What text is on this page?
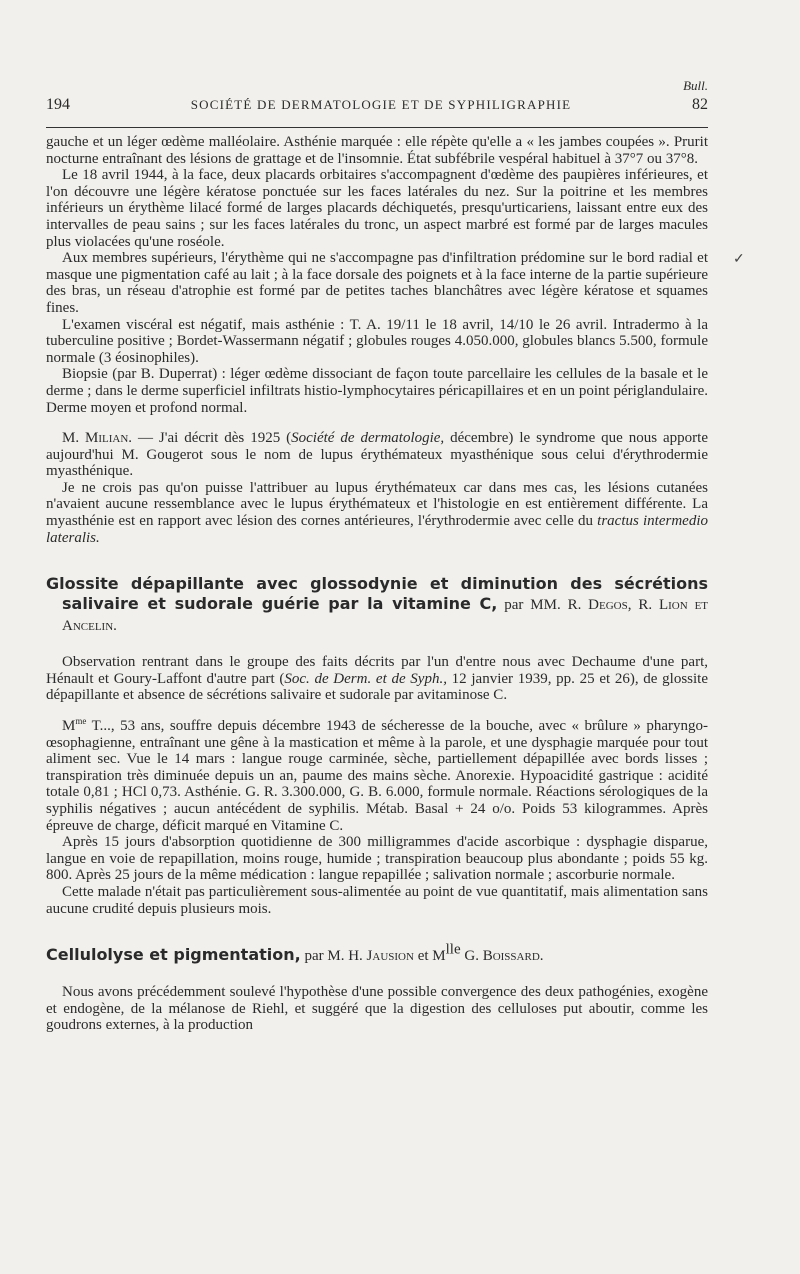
Bull.
194	SOCIÉTÉ DE DERMATOLOGIE ET DE SYPHILIGRAPHIE	82
✓

gauche et un léger œdème malléolaire. Asthénie marquée : elle répète qu'elle a « les jambes coupées ». Prurit nocturne entraînant des lésions de grattage et de l'insomnie. État subfébrile vespéral habituel à 37°7 ou 37°8.

Le 18 avril 1944, à la face, deux placards orbitaires s'accompagnent d'œdème des paupières inférieures, et l'on découvre une légère kératose ponctuée sur les faces latérales du nez. Sur la poitrine et les membres inférieurs un érythème lilacé formé de larges placards déchiquetés, presqu'urticariens, laissant entre eux des intervalles de peau sains ; sur les faces latérales du tronc, un aspect marbré est formé par de larges macules plus violacées qu'une roséole.

Aux membres supérieurs, l'érythème qui ne s'accompagne pas d'infiltration prédomine sur le bord radial et masque une pigmentation café au lait ; à la face dorsale des poignets et à la face interne de la partie supérieure des bras, un réseau d'atrophie est formé par de petites taches blanchâtres avec légère kératose et squames fines.

L'examen viscéral est négatif, mais asthénie : T. A. 19/11 le 18 avril, 14/10 le 26 avril. Intradermo à la tuberculine positive ; Bordet-Wassermann négatif ; globules rouges 4.050.000, globules blancs 5.500, formule normale (3 éosinophiles).

Biopsie (par B. Duperrat) : léger œdème dissociant de façon toute parcellaire les cellules de la basale et le derme ; dans le derme superficiel infiltrats histio-lymphocytaires péricapillaires et en un point périglandulaire. Derme moyen et profond normal.

M. Milian. — J'ai décrit dès 1925 (Société de dermatologie, décembre) le syndrome que nous apporte aujourd'hui M. Gougerot sous le nom de lupus érythémateux myasthénique sous celui d'érythrodermie myasthénique.

Je ne crois pas qu'on puisse l'attribuer au lupus érythémateux car dans mes cas, les lésions cutanées n'avaient aucune ressemblance avec le lupus érythémateux et l'histologie en est entièrement différente. La myasthénie est en rapport avec lésion des cornes antérieures, l'érythrodermie avec celle du tractus intermedio lateralis.

Glossite dépapillante avec glossodynie et diminution des sécrétions salivaire et sudorale guérie par la vitamine C, par MM. R. Degos, R. Lion et Ancelin.

Observation rentrant dans le groupe des faits décrits par l'un d'entre nous avec Dechaume d'une part, Hénault et Goury-Laffont d'autre part (Soc. de Derm. et de Syph., 12 janvier 1939, pp. 25 et 26), de glossite dépapillante et absence de sécrétions salivaire et sudorale par avitaminose C.

$M^{me}$ T..., 53 ans, souffre depuis décembre 1943 de sécheresse de la bouche, avec « brûlure » pharyngo-œsophagienne, entraînant une gêne à la mastication et même à la parole, et une dysphagie marquée pour tout aliment sec. Vue le 14 mars : langue rouge carminée, sèche, partiellement dépapillée avec bords lisses ; transpiration très diminuée depuis un an, paume des mains sèche. Anorexie. Hypoacidité gastrique : acidité totale 0,81 ; HCl 0,73. Asthénie. G. R. 3.300.000, G. B. 6.000, formule normale. Réactions sérologiques de la syphilis négatives ; aucun antécédent de syphilis. Métab. Basal + 24 o/o. Poids 53 kilogrammes. Après épreuve de charge, déficit marqué en Vitamine C.

Après 15 jours d'absorption quotidienne de 300 milligrammes d'acide ascorbique : dysphagie disparue, langue en voie de repapillation, moins rouge, humide ; transpiration beaucoup plus abondante ; poids 55 kg. 800. Après 25 jours de la même médication : langue repapillée ; salivation normale ; ascorburie normale.

Cette malade n'était pas particulièrement sous-alimentée au point de vue quantitatif, mais alimentation sans aucune crudité depuis plusieurs mois.

Cellulolyse et pigmentation, par M. H. Jausion et $M^{lle}$ G. Boissard.

Nous avons précédemment soulevé l'hypothèse d'une possible convergence des deux pathogénies, exogène et endogène, de la mélanose de Riehl, et suggéré que la digestion des celluloses put aboutir, comme les goudrons externes, à la production
